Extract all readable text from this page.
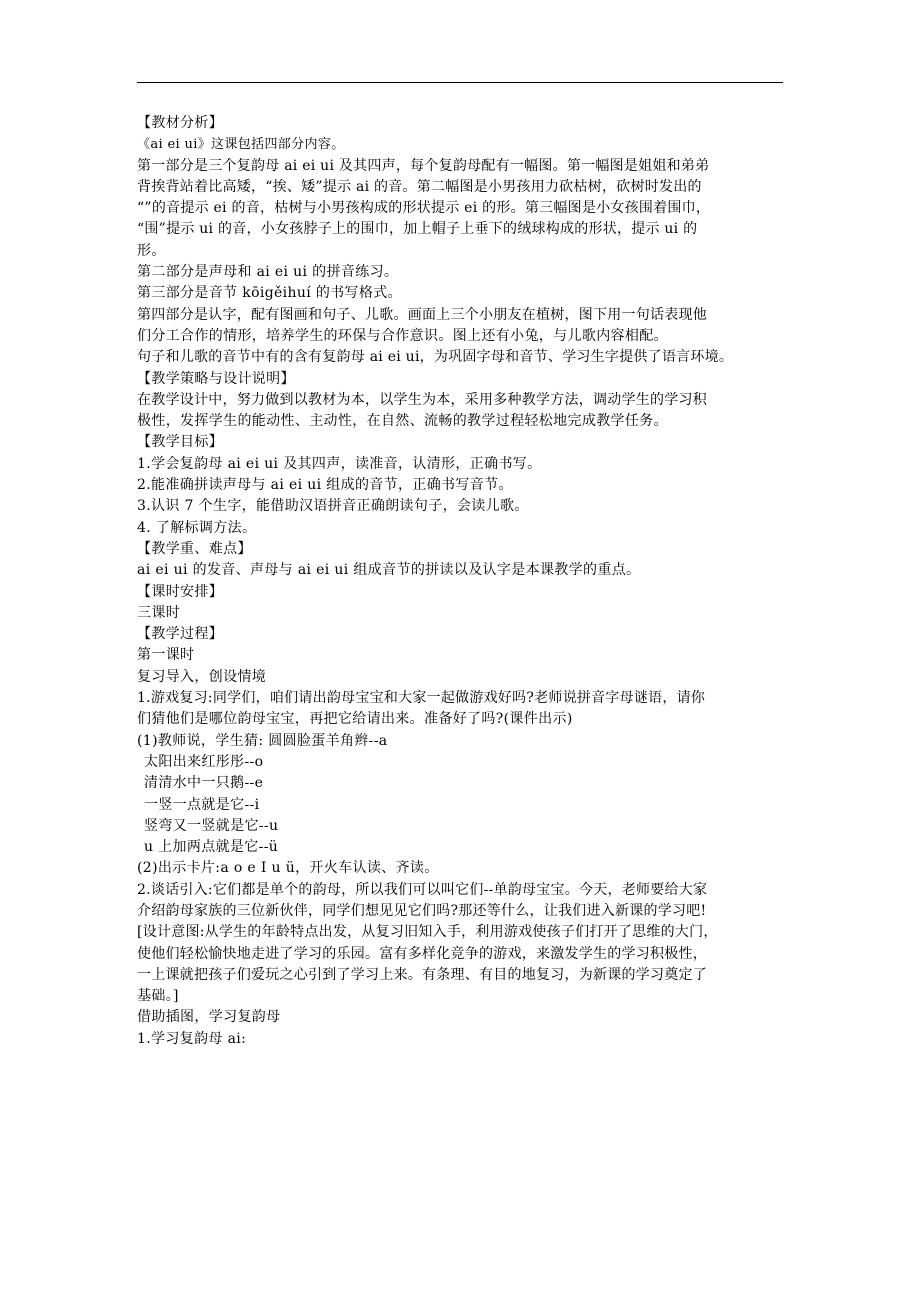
【教材分析】
《ai ei ui》这课包括四部分内容。
第一部分是三个复韵母 ai ei ui 及其四声，每个复韵母配有一幅图。第一幅图是姐姐和弟弟
背挨背站着比高矮，“挨、矮”提示 ai 的音。第二幅图是小男孩用力砍枯树，砍树时发出的
“”的音提示 ei 的音，枯树与小男孩构成的形状提示 ei 的形。第三幅图是小女孩围着围巾，
“围”提示 ui 的音，小女孩脖子上的围巾，加上帽子上垂下的绒球构成的形状，提示 ui 的
形。
第二部分是声母和 ai ei ui 的拼音练习。
第三部分是音节 kōigěihuí 的书写格式。
第四部分是认字，配有图画和句子、儿歌。画面上三个小朋友在植树，图下用一句话表现他
们分工合作的情形，培养学生的环保与合作意识。图上还有小兔，与儿歌内容相配。
句子和儿歌的音节中有的含有复韵母 ai ei ui，为巩固字母和音节、学习生字提供了语言环境。
【教学策略与设计说明】
在教学设计中，努力做到以教材为本，以学生为本，采用多种教学方法，调动学生的学习积
极性，发挥学生的能动性、主动性，在自然、流畅的教学过程轻松地完成教学任务。
【教学目标】
1.学会复韵母 ai ei ui 及其四声，读准音，认清形，正确书写。
2.能准确拼读声母与 ai ei ui 组成的音节，正确书写音节。
3.认识 7 个生字，能借助汉语拼音正确朗读句子，会读儿歌。
4. 了解标调方法。
【教学重、难点】
ai ei ui 的发音、声母与 ai ei ui 组成音节的拼读以及认字是本课教学的重点。
【课时安排】
三课时
【教学过程】
第一课时
复习导入，创设情境
1.游戏复习:同学们，咱们请出韵母宝宝和大家一起做游戏好吗?老师说拼音字母谜语，请你
们猜他们是哪位韵母宝宝，再把它给请出来。准备好了吗?(课件出示)
(1)教师说，学生猜: 圆圆脸蛋羊角辫--a
太阳出来红彤彤--o
清清水中一只鹅--e
一竖一点就是它--i
竖弯又一竖就是它--u
u 上加两点就是它--ü
(2)出示卡片:a o e I u ü，开火车认读、齐读。
2.谈话引入:它们都是单个的韵母，所以我们可以叫它们--单韵母宝宝。今天，老师要给大家
介绍韵母家族的三位新伙伴，同学们想见见它们吗?那还等什么，让我们进入新课的学习吧!
[设计意图:从学生的年龄特点出发，从复习旧知入手，利用游戏使孩子们打开了思维的大门，
使他们轻松愉快地走进了学习的乐园。富有多样化竞争的游戏，来激发学生的学习积极性，
一上课就把孩子们爱玩之心引到了学习上来。有条理、有目的地复习，为新课的学习奠定了
基础。]
借助插图，学习复韵母
1.学习复韵母 ai:
